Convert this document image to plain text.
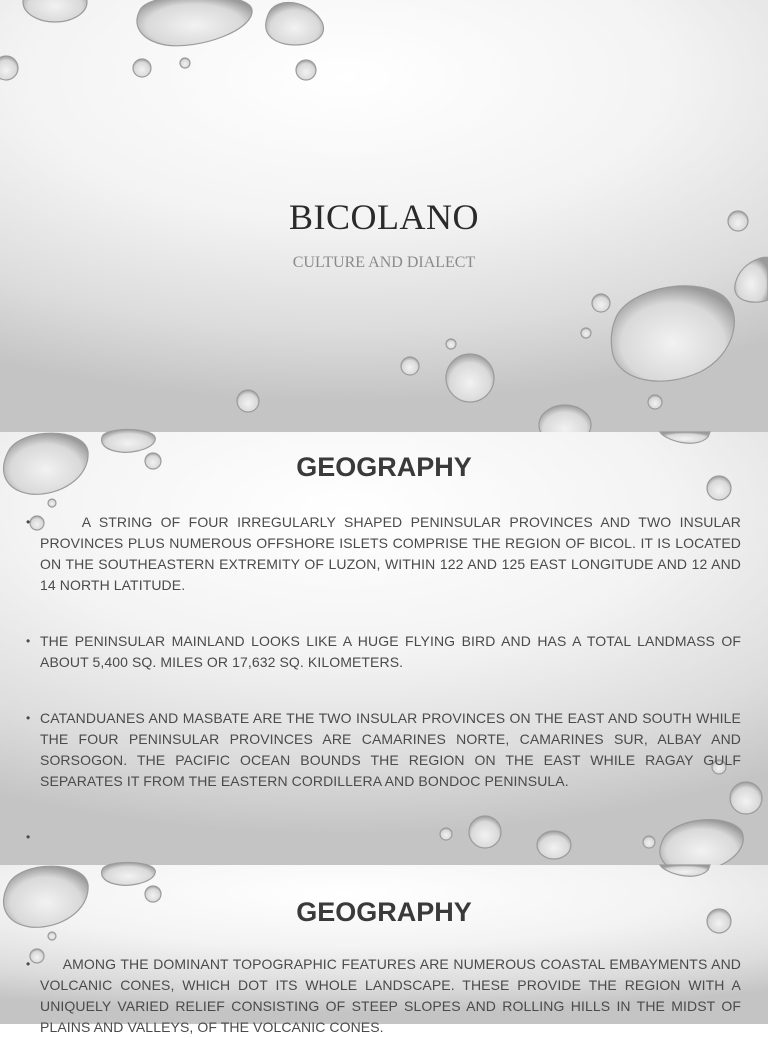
BICOLANO
CULTURE AND DIALECT
GEOGRAPHY
• A STRING OF FOUR IRREGULARLY SHAPED PENINSULAR PROVINCES AND TWO INSULAR PROVINCES PLUS NUMEROUS OFFSHORE ISLETS COMPRISE THE REGION OF BICOL. IT IS LOCATED ON THE SOUTHEASTERN EXTREMITY OF LUZON, WITHIN 122 AND 125 EAST LONGITUDE AND 12 AND 14 NORTH LATITUDE.
• THE PENINSULAR MAINLAND LOOKS LIKE A HUGE FLYING BIRD AND HAS A TOTAL LANDMASS OF ABOUT 5,400 SQ. MILES OR 17,632 SQ. KILOMETERS.
• CATANDUANES AND MASBATE ARE THE TWO INSULAR PROVINCES ON THE EAST AND SOUTH WHILE THE FOUR PENINSULAR PROVINCES ARE CAMARINES NORTE, CAMARINES SUR, ALBAY AND SORSOGON. THE PACIFIC OCEAN BOUNDS THE REGION ON THE EAST WHILE RAGAY GULF SEPARATES IT FROM THE EASTERN CORDILLERA AND BONDOC PENINSULA.
•
GEOGRAPHY
• AMONG THE DOMINANT TOPOGRAPHIC FEATURES ARE NUMEROUS COASTAL EMBAYMENTS AND VOLCANIC CONES, WHICH DOT ITS WHOLE LANDSCAPE. THESE PROVIDE THE REGION WITH A UNIQUELY VARIED RELIEF CONSISTING OF STEEP SLOPES AND ROLLING HILLS IN THE MIDST OF PLAINS AND VALLEYS, OF THE VOLCANIC CONES.
